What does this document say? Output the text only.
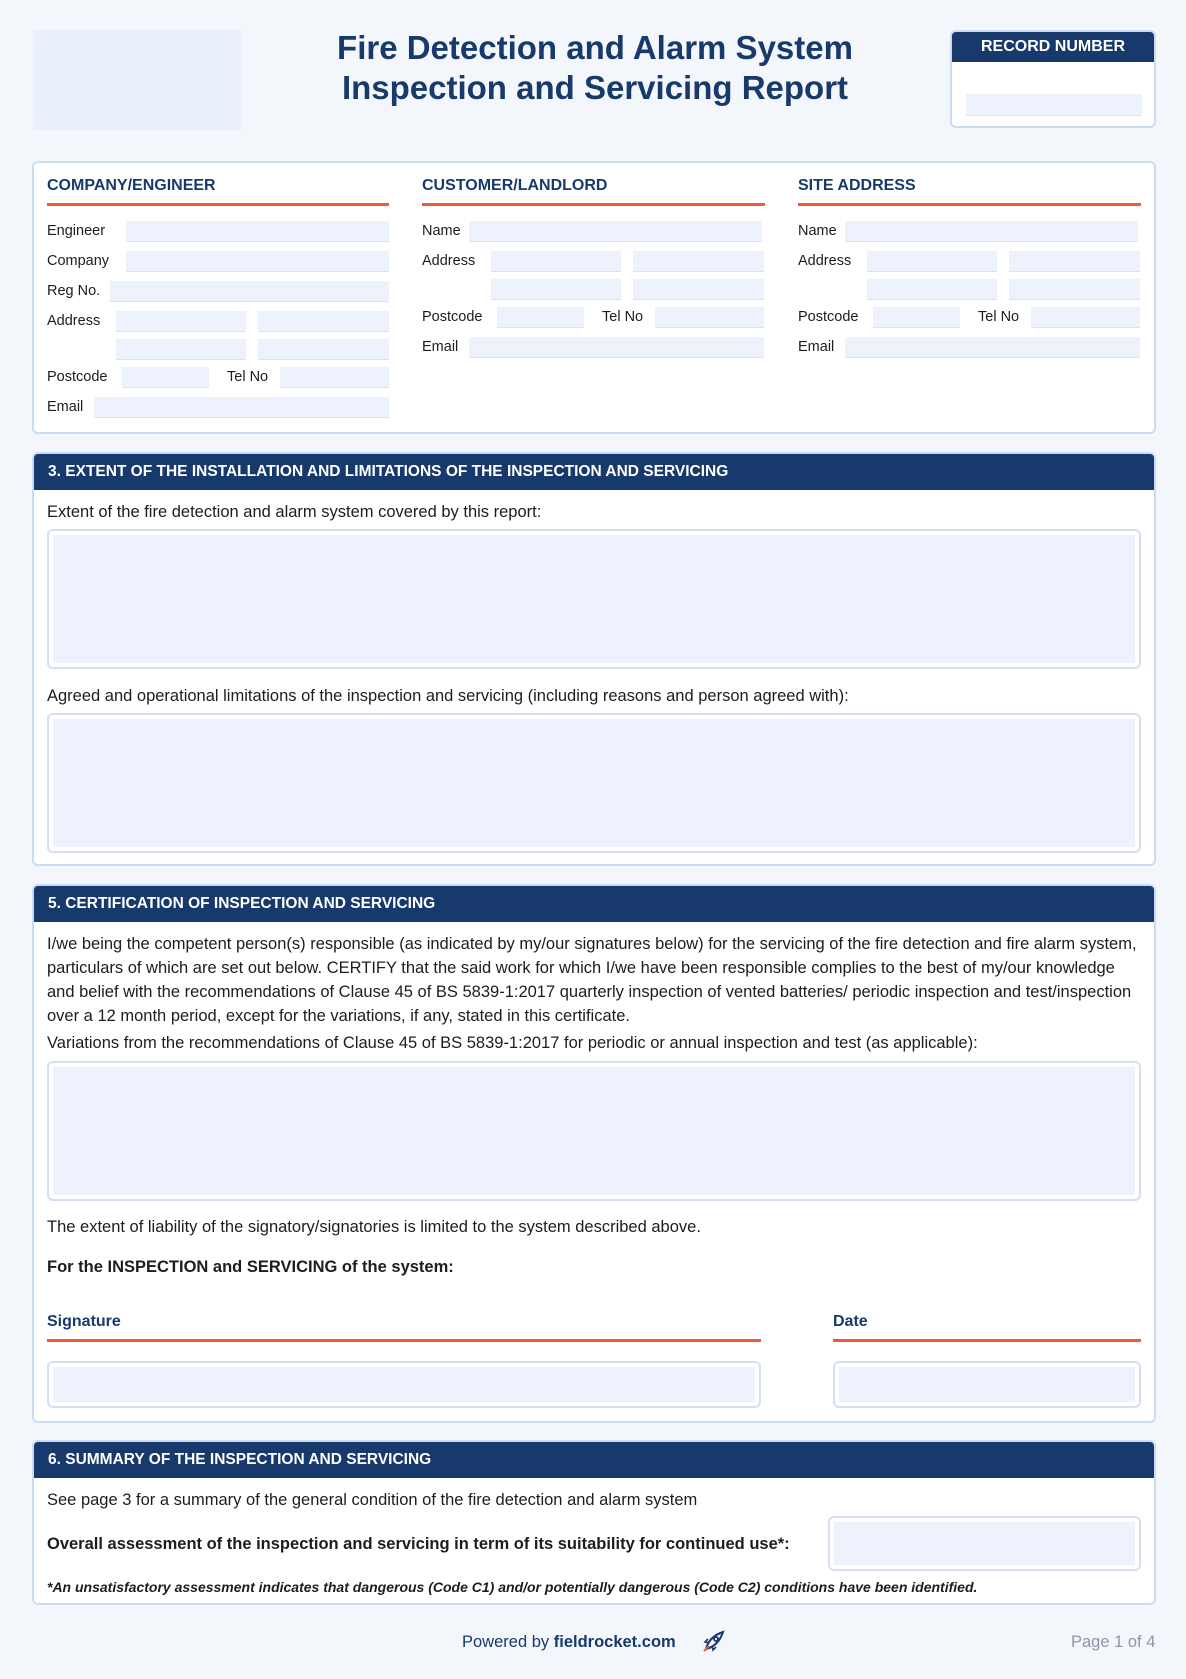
Fire Detection and Alarm System
Inspection and Servicing Report
RECORD NUMBER
COMPANY/ENGINEER
Engineer
Company
Reg No.
Address
Postcode	Tel No
Email
CUSTOMER/LANDLORD
Name
Address
Postcode	Tel No
Email
SITE ADDRESS
Name
Address
Postcode	Tel No
Email
3. EXTENT OF THE INSTALLATION AND LIMITATIONS OF THE INSPECTION AND SERVICING
Extent of the fire detection and alarm system covered by this report:
Agreed and operational limitations of the inspection and servicing (including reasons and person agreed with):
5. CERTIFICATION OF INSPECTION AND SERVICING
I/we being the competent person(s) responsible (as indicated by my/our signatures below) for the servicing of the fire detection and fire alarm system, particulars of which are set out below. CERTIFY that the said work for which I/we have been responsible complies to the best of my/our knowledge and belief with the recommendations of Clause 45 of BS 5839-1:2017 quarterly inspection of vented batteries/ periodic inspection and test/inspection over a 12 month period, except for the variations, if any, stated in this certificate.
Variations from the recommendations of Clause 45 of BS 5839-1:2017 for periodic or annual inspection and test (as applicable):
The extent of liability of the signatory/signatories is limited to the system described above.
For the INSPECTION and SERVICING of the system:
Signature	Date
6. SUMMARY OF THE INSPECTION AND SERVICING
See page 3 for a summary of the general condition of the fire detection and alarm system
Overall assessment of the inspection and servicing in term of its suitability for continued use*:
*An unsatisfactory assessment indicates that dangerous (Code C1) and/or potentially dangerous (Code C2) conditions have been identified.
Powered by fieldrocket.com	Page 1 of 4
